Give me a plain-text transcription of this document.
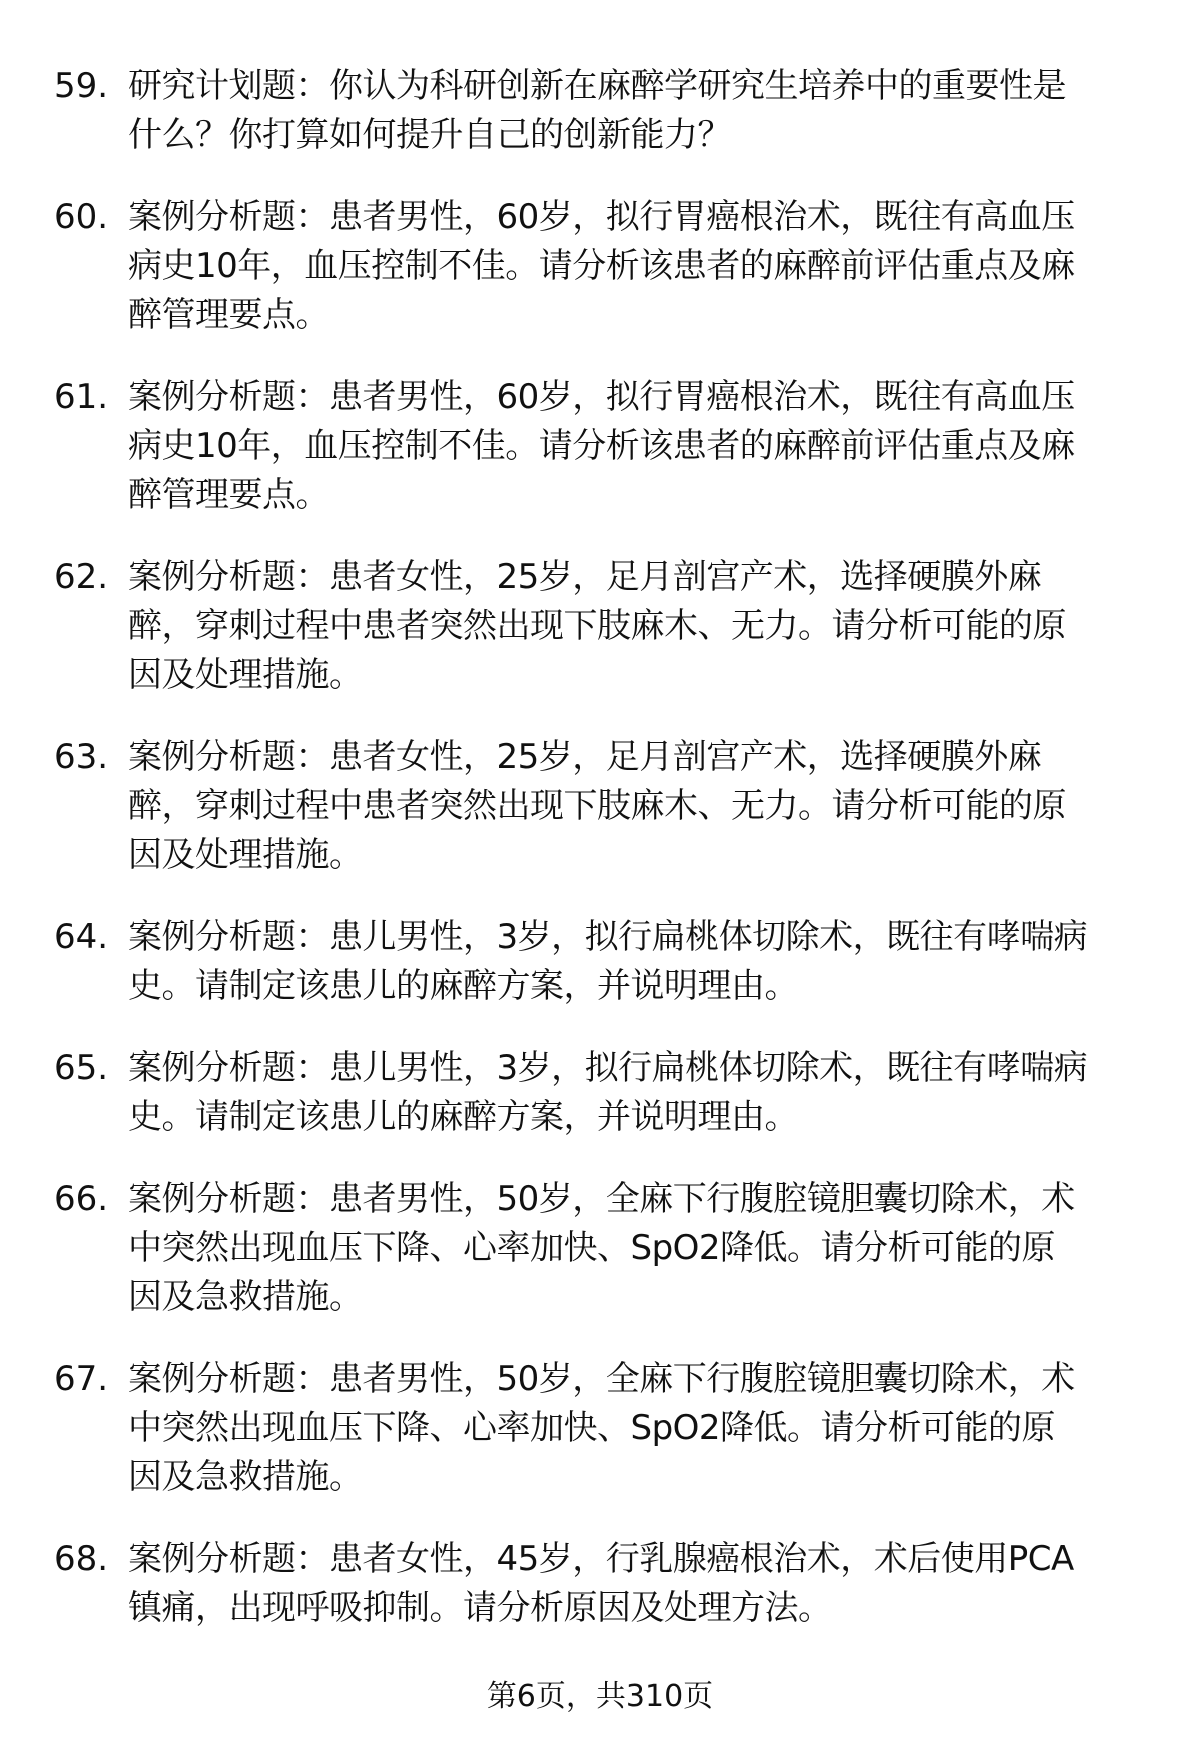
59. 研究计划题：你认为科研创新在麻醉学研究生培养中的重要性是
什么？你打算如何提升自己的创新能力？
60. 案例分析题：患者男性，60岁，拟行胃癌根治术，既往有高血压
病史10年，血压控制不佳。请分析该患者的麻醉前评估重点及麻
醉管理要点。
61. 案例分析题：患者男性，60岁，拟行胃癌根治术，既往有高血压
病史10年，血压控制不佳。请分析该患者的麻醉前评估重点及麻
醉管理要点。
62. 案例分析题：患者女性，25岁，足月剖宫产术，选择硬膜外麻
醉，穿刺过程中患者突然出现下肢麻木、无力。请分析可能的原
因及处理措施。
63. 案例分析题：患者女性，25岁，足月剖宫产术，选择硬膜外麻
醉，穿刺过程中患者突然出现下肢麻木、无力。请分析可能的原
因及处理措施。
64. 案例分析题：患儿男性，3岁，拟行扁桃体切除术，既往有哮喘病
史。请制定该患儿的麻醉方案，并说明理由。
65. 案例分析题：患儿男性，3岁，拟行扁桃体切除术，既往有哮喘病
史。请制定该患儿的麻醉方案，并说明理由。
66. 案例分析题：患者男性，50岁，全麻下行腹腔镜胆囊切除术，术
中突然出现血压下降、心率加快、SpO2降低。请分析可能的原
因及急救措施。
67. 案例分析题：患者男性，50岁，全麻下行腹腔镜胆囊切除术，术
中突然出现血压下降、心率加快、SpO2降低。请分析可能的原
因及急救措施。
68. 案例分析题：患者女性，45岁，行乳腺癌根治术，术后使用PCA
镇痛，出现呼吸抑制。请分析原因及处理方法。
第6页，共310页
